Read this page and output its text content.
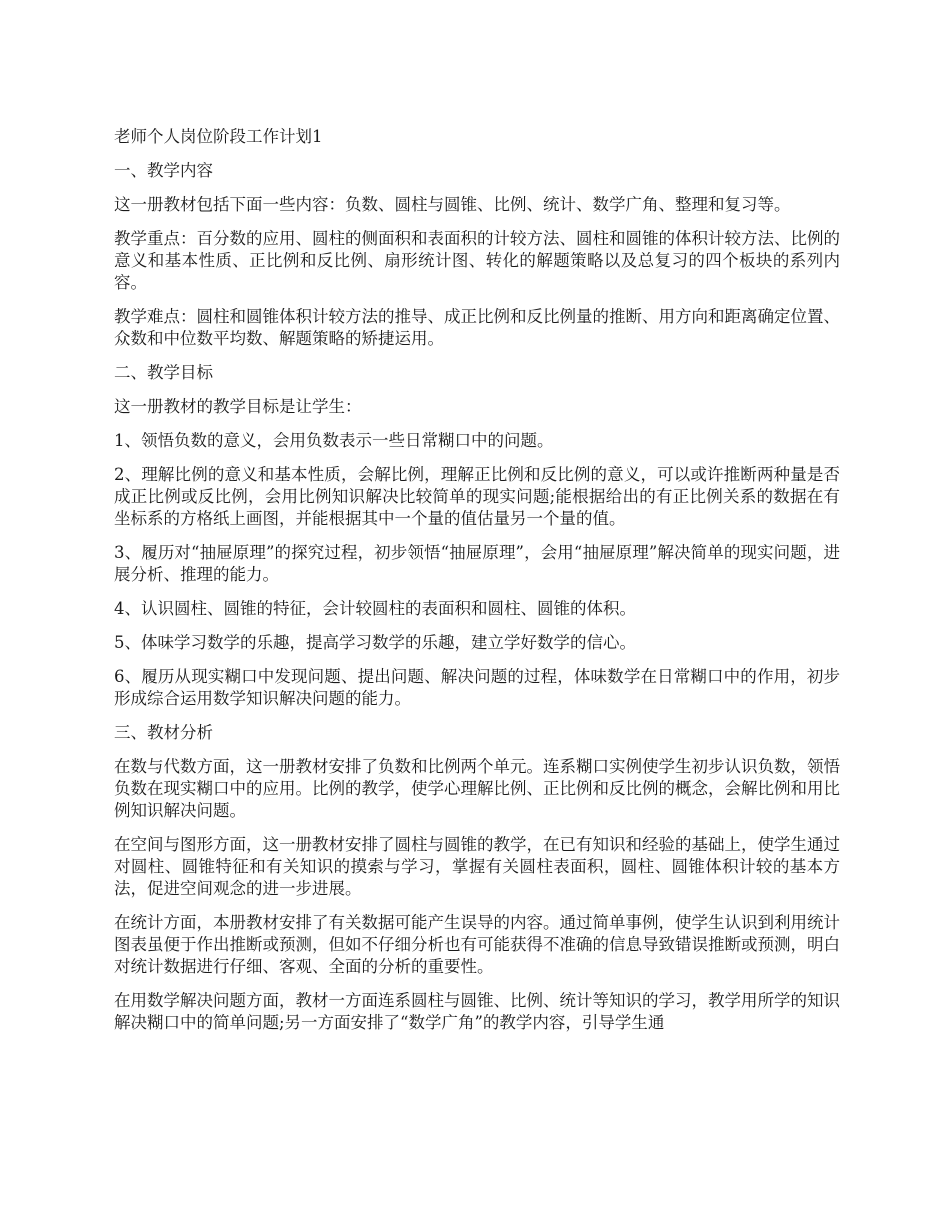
老师个人岗位阶段工作计划1

一、教学内容

这一册教材包括下面一些内容：负数、圆柱与圆锥、比例、统计、数学广角、整理和复习等。

教学重点：百分数的应用、圆柱的侧面积和表面积的计较方法、圆柱和圆锥的体积计较方法、比例的意义和基本性质、正比例和反比例、扇形统计图、转化的解题策略以及总复习的四个板块的系列内容。

教学难点：圆柱和圆锥体积计较方法的推导、成正比例和反比例量的推断、用方向和距离确定位置、众数和中位数平均数、解题策略的矫捷运用。

二、教学目标

这一册教材的教学目标是让学生：

1、领悟负数的意义，会用负数表示一些日常糊口中的问题。

2、理解比例的意义和基本性质，会解比例，理解正比例和反比例的意义，可以或许推断两种量是否成正比例或反比例，会用比例知识解决比较简单的现实问题;能根据给出的有正比例关系的数据在有坐标系的方格纸上画图，并能根据其中一个量的值估量另一个量的值。

3、履历对“抽屉原理”的探究过程，初步领悟“抽屉原理”，会用“抽屉原理”解决简单的现实问题，进展分析、推理的能力。

4、认识圆柱、圆锥的特征，会计较圆柱的表面积和圆柱、圆锥的体积。

5、体味学习数学的乐趣，提高学习数学的乐趣，建立学好数学的信心。

6、履历从现实糊口中发现问题、提出问题、解决问题的过程，体味数学在日常糊口中的作用，初步形成综合运用数学知识解决问题的能力。

三、教材分析

在数与代数方面，这一册教材安排了负数和比例两个单元。连系糊口实例使学生初步认识负数，领悟负数在现实糊口中的应用。比例的教学，使学心理解比例、正比例和反比例的概念，会解比例和用比例知识解决问题。

在空间与图形方面，这一册教材安排了圆柱与圆锥的教学，在已有知识和经验的基础上，使学生通过对圆柱、圆锥特征和有关知识的摸索与学习，掌握有关圆柱表面积，圆柱、圆锥体积计较的基本方法，促进空间观念的进一步进展。

在统计方面，本册教材安排了有关数据可能产生误导的内容。通过简单事例，使学生认识到利用统计图表虽便于作出推断或预测，但如不仔细分析也有可能获得不准确的信息导致错误推断或预测，明白对统计数据进行仔细、客观、全面的分析的重要性。

在用数学解决问题方面，教材一方面连系圆柱与圆锥、比例、统计等知识的学习，教学用所学的知识解决糊口中的简单问题;另一方面安排了“数学广角”的教学内容，引导学生通
